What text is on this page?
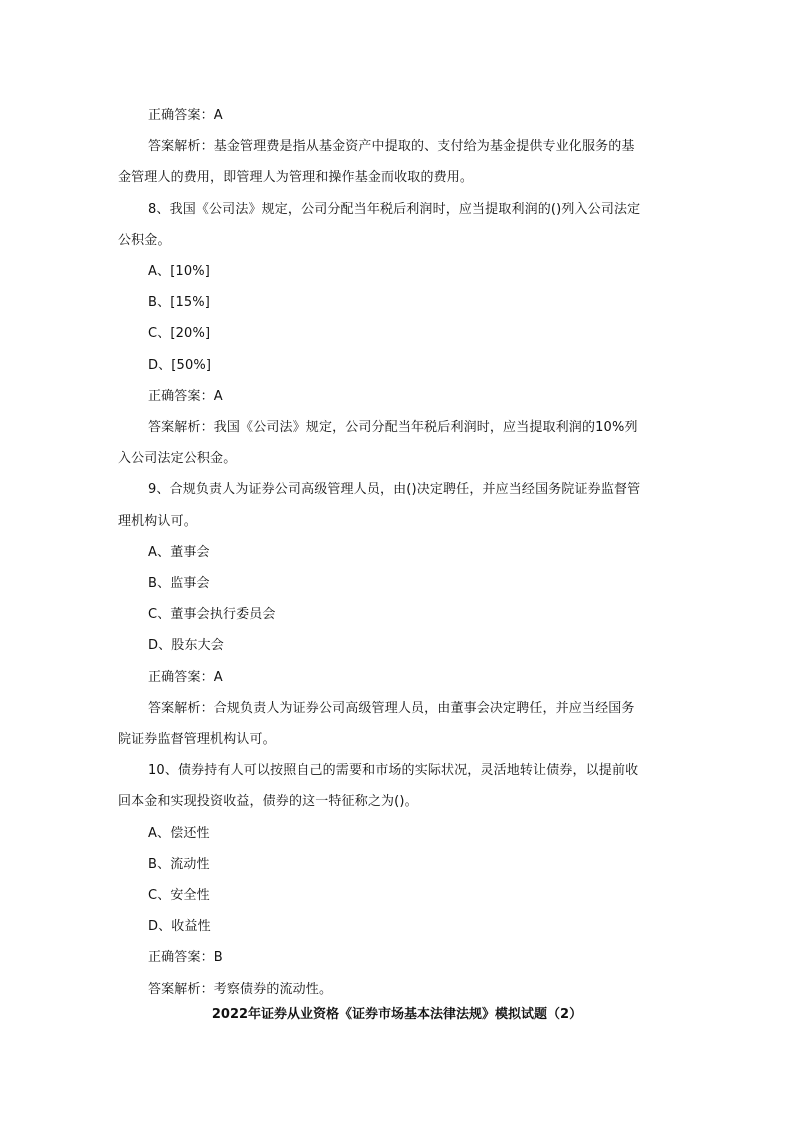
正确答案：A
答案解析：基金管理费是指从基金资产中提取的、支付给为基金提供专业化服务的基
金管理人的费用，即管理人为管理和操作基金而收取的费用。
8、我国《公司法》规定，公司分配当年税后利润时，应当提取利润的()列入公司法定
公积金。
A、[10%]
B、[15%]
C、[20%]
D、[50%]
正确答案：A
答案解析：我国《公司法》规定，公司分配当年税后利润时，应当提取利润的10%列
入公司法定公积金。
9、合规负责人为证券公司高级管理人员，由()决定聘任，并应当经国务院证券监督管
理机构认可。
A、董事会
B、监事会
C、董事会执行委员会
D、股东大会
正确答案：A
答案解析：合规负责人为证券公司高级管理人员，由董事会决定聘任，并应当经国务
院证券监督管理机构认可。
10、债券持有人可以按照自己的需要和市场的实际状况，灵活地转让债券，以提前收
回本金和实现投资收益，债券的这一特征称之为()。
A、偿还性
B、流动性
C、安全性
D、收益性
正确答案：B
答案解析：考察债券的流动性。
2022年证券从业资格《证券市场基本法律法规》模拟试题（2）
